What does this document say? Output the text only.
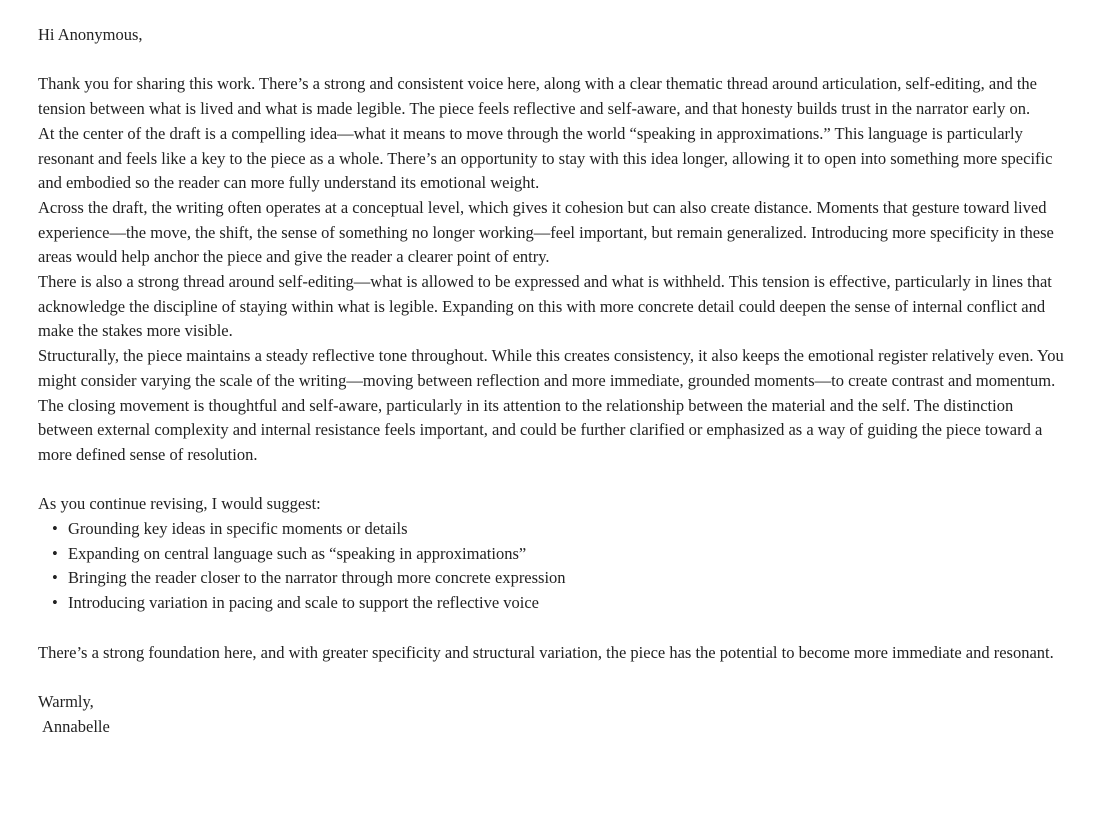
Hi Anonymous,

Thank you for sharing this work. There’s a strong and consistent voice here, along with a clear thematic thread around articulation, self-editing, and the tension between what is lived and what is made legible. The piece feels reflective and self-aware, and that honesty builds trust in the narrator early on.

At the center of the draft is a compelling idea—what it means to move through the world “speaking in approximations.” This language is particularly resonant and feels like a key to the piece as a whole. There’s an opportunity to stay with this idea longer, allowing it to open into something more specific and embodied so the reader can more fully understand its emotional weight.

Across the draft, the writing often operates at a conceptual level, which gives it cohesion but can also create distance. Moments that gesture toward lived experience—the move, the shift, the sense of something no longer working—feel important, but remain generalized. Introducing more specificity in these areas would help anchor the piece and give the reader a clearer point of entry.

There is also a strong thread around self-editing—what is allowed to be expressed and what is withheld. This tension is effective, particularly in lines that acknowledge the discipline of staying within what is legible. Expanding on this with more concrete detail could deepen the sense of internal conflict and make the stakes more visible.

Structurally, the piece maintains a steady reflective tone throughout. While this creates consistency, it also keeps the emotional register relatively even. You might consider varying the scale of the writing—moving between reflection and more immediate, grounded moments—to create contrast and momentum.

The closing movement is thoughtful and self-aware, particularly in its attention to the relationship between the material and the self. The distinction between external complexity and internal resistance feels important, and could be further clarified or emphasized as a way of guiding the piece toward a more defined sense of resolution.

As you continue revising, I would suggest:

• Grounding key ideas in specific moments or details
• Expanding on central language such as “speaking in approximations”
• Bringing the reader closer to the narrator through more concrete expression
• Introducing variation in pacing and scale to support the reflective voice

There’s a strong foundation here, and with greater specificity and structural variation, the piece has the potential to become more immediate and resonant.

Warmly,

Annabelle
